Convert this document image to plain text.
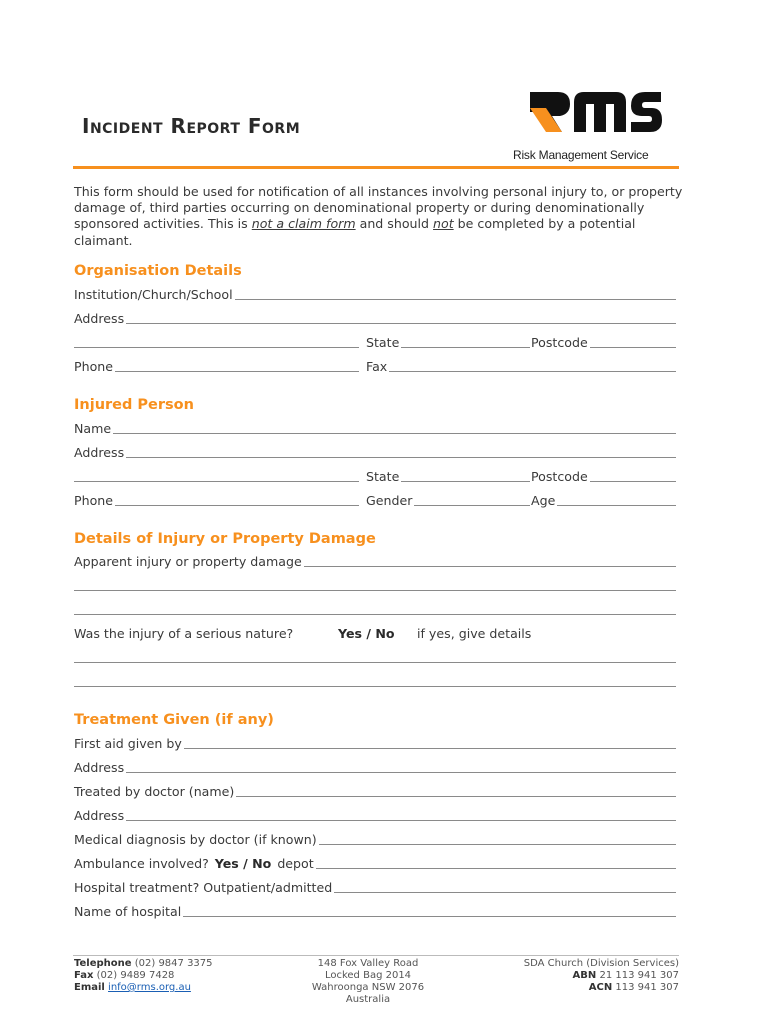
Incident Report Form
Risk Management Service
This form should be used for notification of all instances involving personal injury to, or property damage of, third parties occurring on denominational property or during denominationally sponsored activities. This is not a claim form and should not be completed by a potential claimant.
Organisation Details
Institution/Church/School
Address
State	Postcode
Phone	Fax
Injured Person
Name
Address
State	Postcode
Phone	Gender	Age
Details of Injury or Property Damage
Apparent injury or property damage
Was the injury of a serious nature?	Yes / No if yes, give details
Treatment Given (if any)
First aid given by
Address
Treated by doctor (name)
Address
Medical diagnosis by doctor (if known)
Ambulance involved? Yes / No depot
Hospital treatment? Outpatient/admitted
Name of hospital
Telephone (02) 9847 3375
Fax (02) 9489 7428
Email info@rms.org.au
148 Fox Valley Road
Locked Bag 2014
Wahroonga NSW 2076
Australia
SDA Church (Division Services)
ABN 21 113 941 307
ACN 113 941 307
